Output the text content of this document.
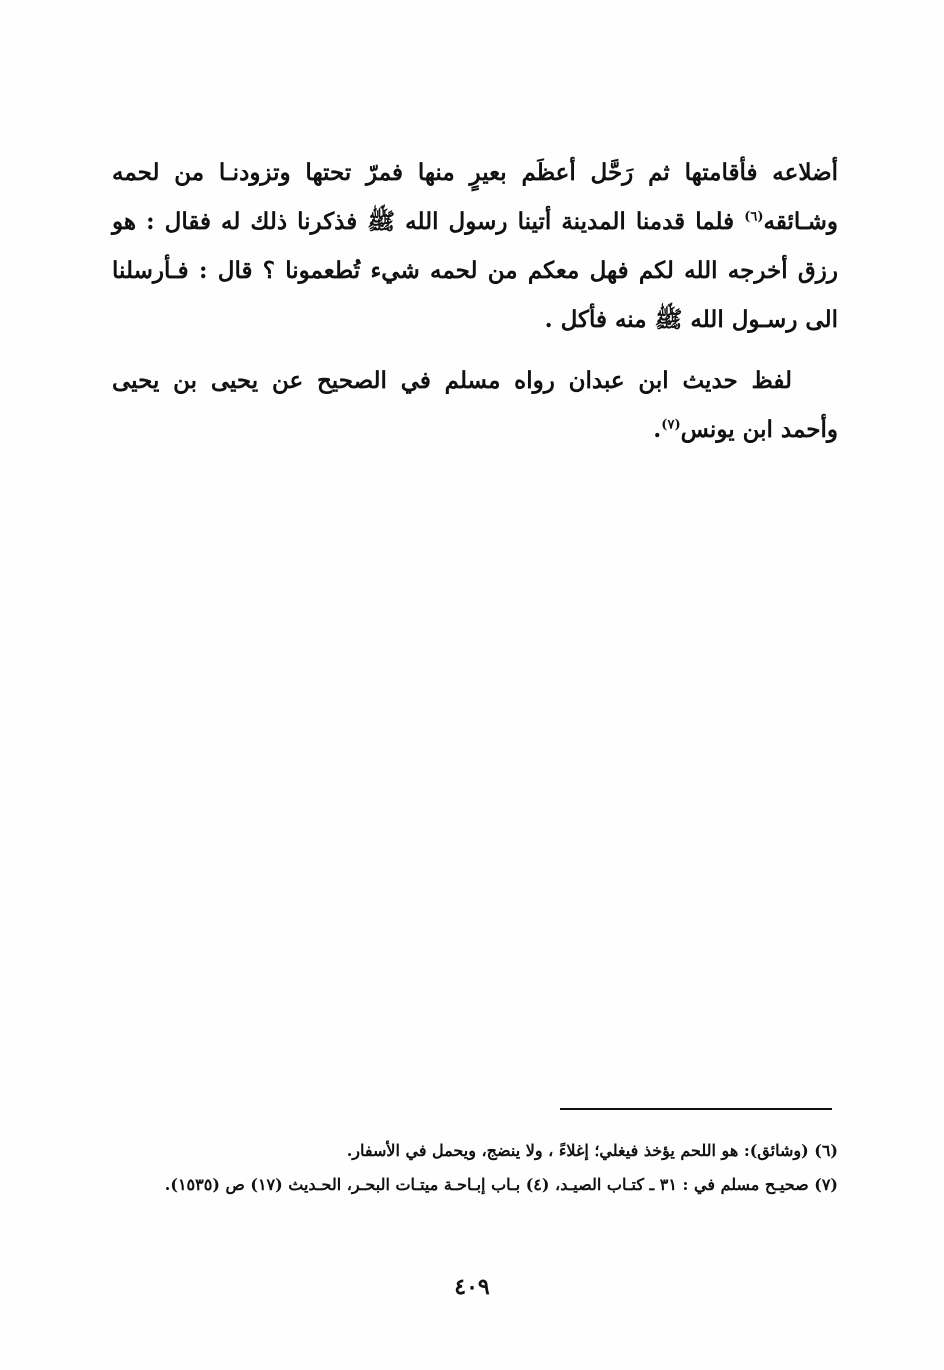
أضلاعه فأقامتها ثم رَحَّل أعظَم بعيرٍ منها فمرّ تحتها وتزودنـا من لحمه وشـائقه$^{(٦)}$ فلما قدمنا المدينة أتينا رسول الله ﷺ فذكرنا ذلك له فقال : هو رزق أخرجه الله لكم فهل معكم من لحمه شيء تُطعمونا ؟ قال : فـأرسلنا الى رسـول الله ﷺ منه فأكل .

لفظ حديث ابن عبدان رواه مسلم في الصحيح عن يحيى بن يحيى وأحمد ابن يونس$^{(٧)}$.

(٦) (وشائق): هو اللحم يؤخذ فيغلي؛ إغلاءً ، ولا ينضج، ويحمل في الأسفار.

(٧) صحيـح مسلم في : ٣١ ـ كتـاب الصيـد، (٤) بـاب إبـاحـة ميتـات البحـر، الحـديث (١٧) ص (١٥٣٥).

٤٠٩
